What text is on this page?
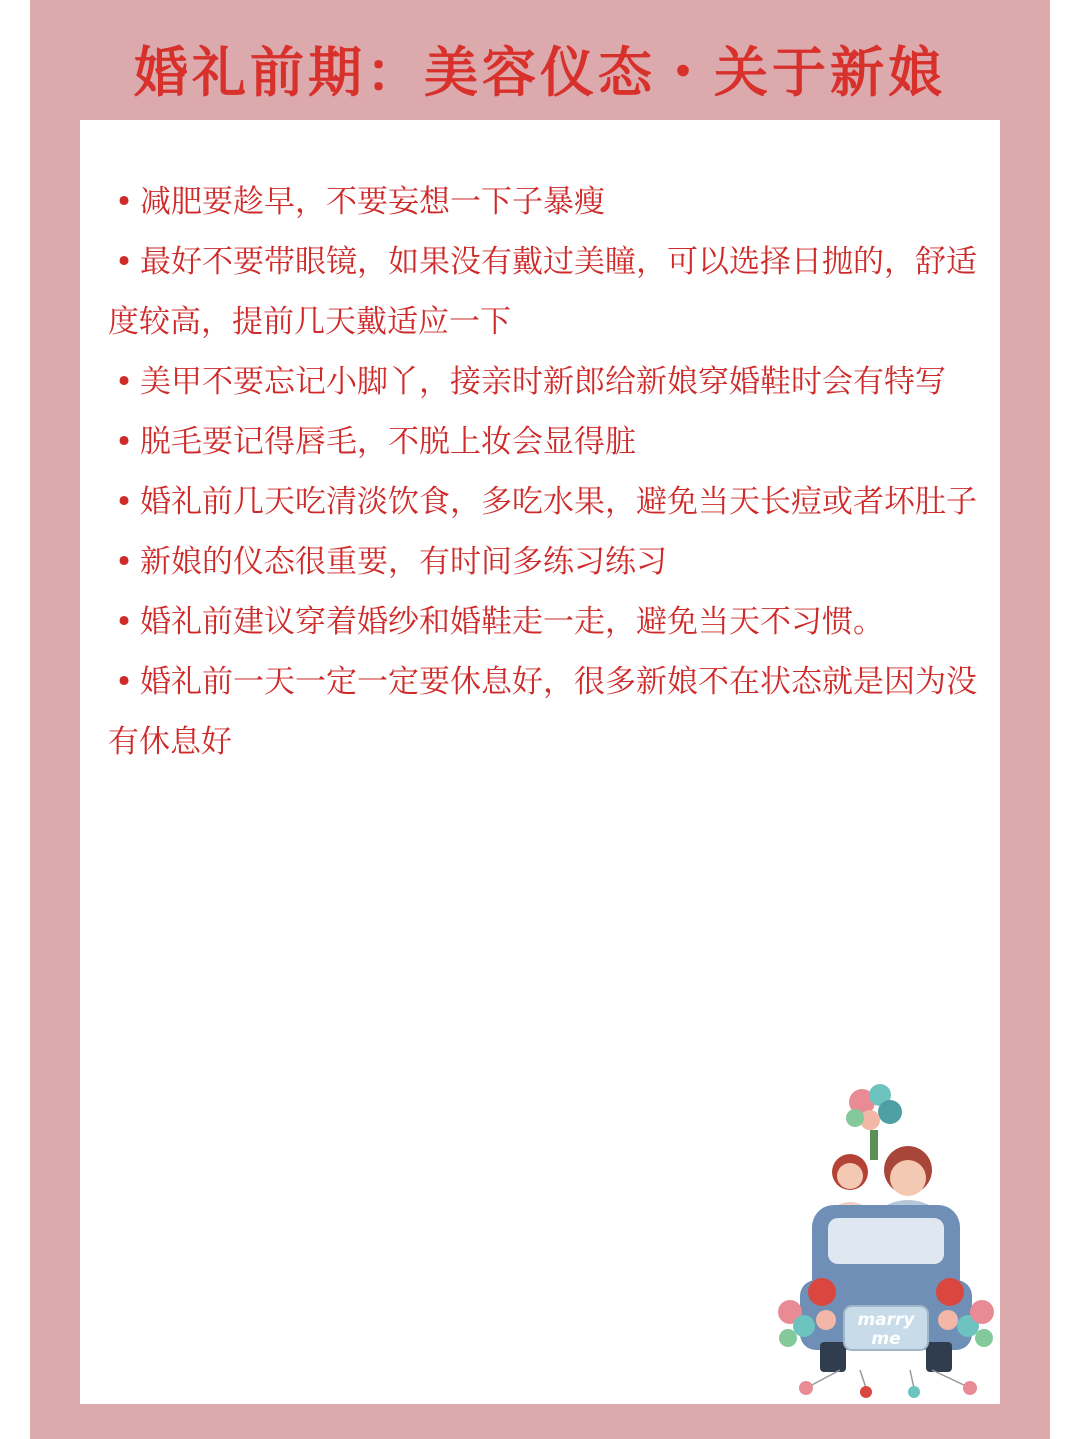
婚礼前期：美容仪态・关于新娘
• 减肥要趁早，不要妄想一下子暴瘦
• 最好不要带眼镜，如果没有戴过美瞳，可以选择日抛的，舒适度较高，提前几天戴适应一下
• 美甲不要忘记小脚丫，接亲时新郎给新娘穿婚鞋时会有特写
• 脱毛要记得唇毛，不脱上妆会显得脏
• 婚礼前几天吃清淡饮食，多吃水果，避免当天长痘或者坏肚子
• 新娘的仪态很重要，有时间多练习练习
• 婚礼前建议穿着婚纱和婚鞋走一走，避免当天不习惯。
• 婚礼前一天一定一定要休息好，很多新娘不在状态就是因为没有休息好
marry
me
